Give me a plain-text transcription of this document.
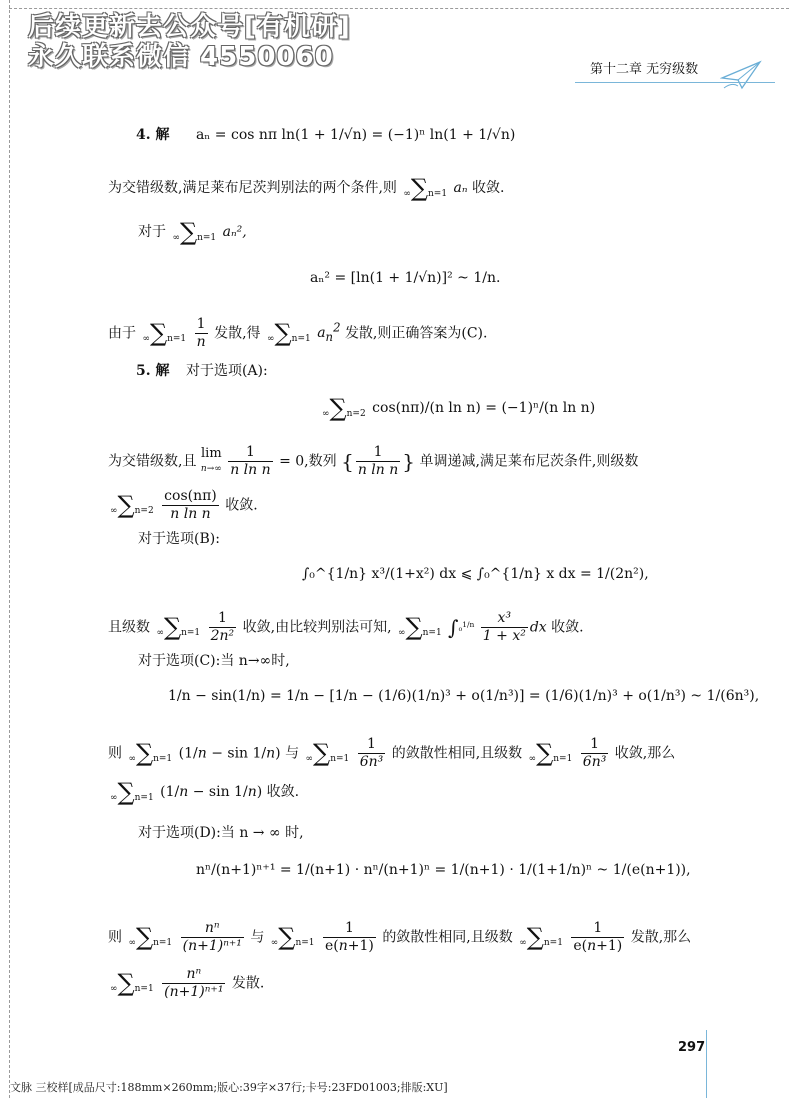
后续更新去公众号[有机研]
永久联系微信 4550060	第十二章 无穷级数
4. 解 aₙ = cos nπ ln(1 + 1/√n) = (−1)ⁿ ln(1 + 1/√n)
为交错级数,满足莱布尼茨判别法的两个条件,则 ∞∑n=1 aₙ 收敛.
对于 ∞∑n=1 aₙ²,
aₙ² = [ln(1 + 1/√n)]² ~ 1/n.
由于 $\infty\sum n=1 \frac{1}{n}$ 发散,得 ∞∑n=1 $a_n^2$ 发散,则正确答案为(C).
5. 解 对于选项(A):
∞∑n=2 cos(nπ)/(n ln n) = (−1)ⁿ/(n ln n)
为交错级数,且 lim
$n\to\infty \frac{1}{\text{n ln n}} = 0$,数列 { $\frac{1}{\text{n ln n}}$ } 单调递减,满足莱布尼茨条件,则级数
$\infty\sum n=2 \frac{\cos(n\pi)}{\text{n ln n}}$ 收敛.
对于选项(B):
∫₀^{1/n} x³/(1+x²) dx ⩽ ∫₀^{1/n} x dx = 1/(2n²),
且级数 $\infty\sum n=1 \frac{1}{\text{2n²}}$ 收敛,由比较判别法可知, ∞∑n=1 $\int_0^{1/n} \frac{\text{x³}}{\text{1 + x²}}$ dx 收敛.
对于选项(C):当 n→∞时,
1/n − sin(1/n) = 1/n − [1/n − (1/6)(1/n)³ + o(1/n³)] = (1/6)(1/n)³ + o(1/n³) ~ 1/(6n³),
则 ∞∑n=1 (1/n − sin 1/n) 与 $\infty\sum n=1 \frac{1}{\text{6n³}}$ 的敛散性相同,且级数 $\infty\sum n=1 \frac{1}{\text{6n³}}$ 收敛,那么
∞∑n=1 (1/n − sin 1/n) 收敛.
对于选项(D):当 n → ∞ 时,
nⁿ/(n+1)ⁿ⁺¹ = 1/(n+1) · nⁿ/(n+1)ⁿ = 1/(n+1) · 1/(1+1/n)ⁿ ~ 1/(e(n+1)),
则 $\infty\sum n=1 \frac{\text{nⁿ}}{\text{(n+1)ⁿ⁺¹}}$ 与 $\infty\sum n=1 \frac{1}{e(n+1)}$ 的敛散性相同,且级数 $\infty\sum n=1 \frac{1}{e(n+1)}$ 发散,那么
$\infty\sum n=1 \frac{\text{nⁿ}}{\text{(n+1)ⁿ⁺¹}}$ 发散.
297
文脉 三校样[成品尺寸:188mm×260mm;版心:39字×37行;卡号:23FD01003;排版:XU]
